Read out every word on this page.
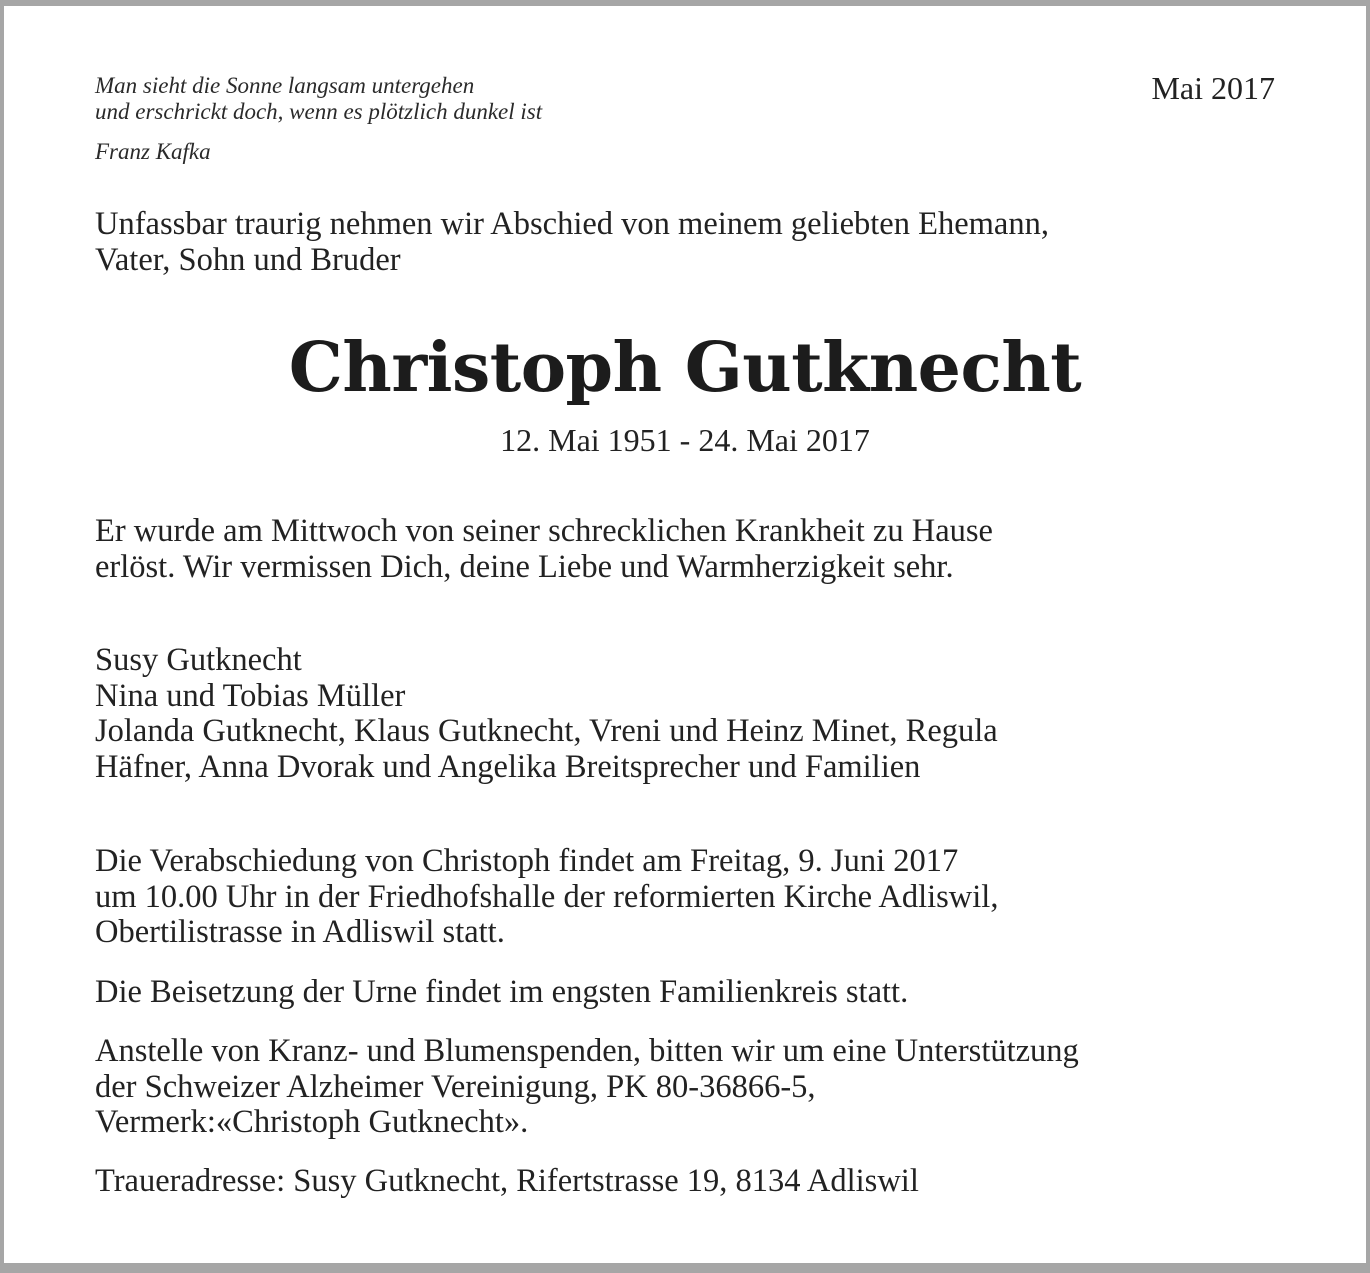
Man sieht die Sonne langsam untergehen

und erschrickt doch, wenn es plötzlich dunkel ist

Franz Kafka

Mai 2017

Unfassbar traurig nehmen wir Abschied von meinem geliebten Ehemann,

Vater, Sohn und Bruder

Christoph Gutknecht

12. Mai 1951 - 24. Mai 2017

Er wurde am Mittwoch von seiner schrecklichen Krankheit zu Hause
erlöst. Wir vermissen Dich, deine Liebe und Warmherzigkeit sehr.
Susy Gutknecht
Nina und Tobias Müller
Jolanda Gutknecht, Klaus Gutknecht, Vreni und Heinz Minet, Regula
Häfner, Anna Dvorak und Angelika Breitsprecher und Familien
Die Verabschiedung von Christoph findet am Freitag, 9. Juni 2017
um 10.00 Uhr in der Friedhofshalle der reformierten Kirche Adliswil,
Obertilistrasse in Adliswil statt.

Die Beisetzung der Urne findet im engsten Familienkreis statt.

Anstelle von Kranz- und Blumenspenden, bitten wir um eine Unterstützung
der Schweizer Alzheimer Vereinigung, PK 80-36866-5,
Vermerk:«Christoph Gutknecht».

Traueradresse: Susy Gutknecht, Rifertstrasse 19, 8134 Adliswil
